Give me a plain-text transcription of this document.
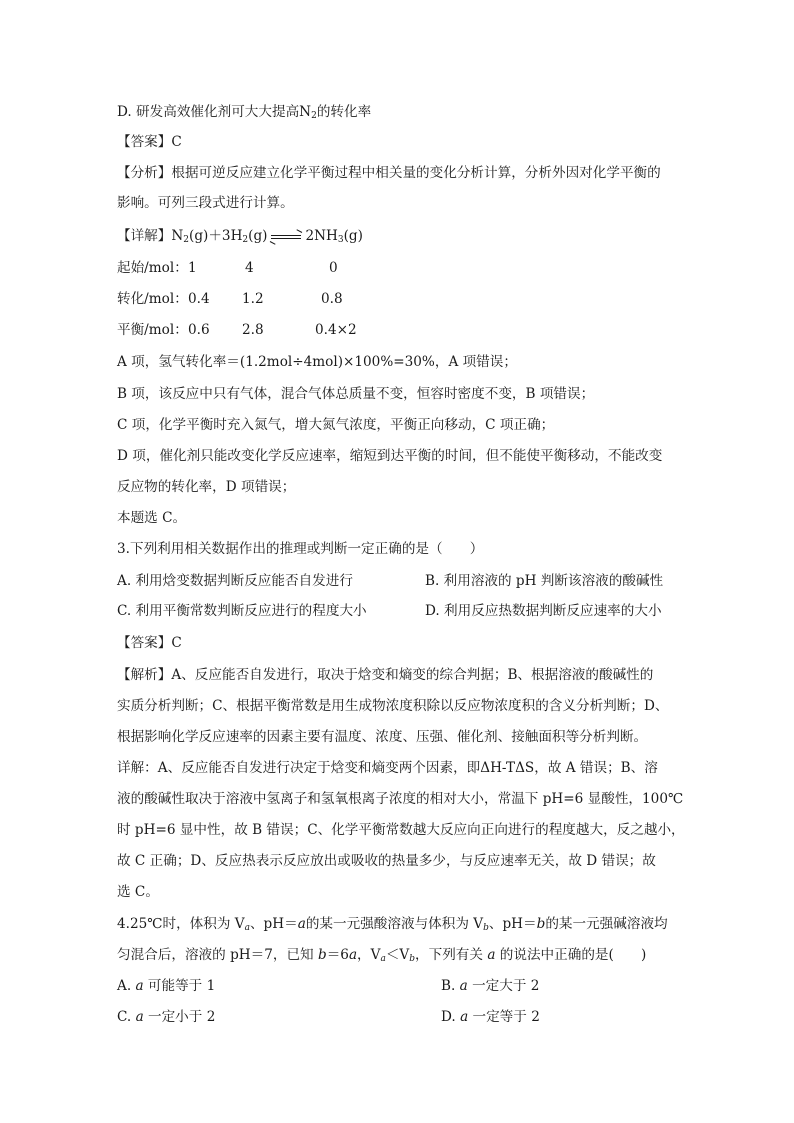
D. 研发高效催化剂可大大提高$N_2$的转化率
【答案】C
【分析】根据可逆反应建立化学平衡过程中相关量的变化分析计算，分析外因对化学平衡的
影响。可列三段式进行计算。
【详解】$N_2(g)+3H_2(g)$	$2NH_3(g)$
起始/mol： 1	4	0
转化/mol： 0.4 1.2	0.8
平衡/mol： 0.6 2.8	0.4×2
A 项，氢气转化率＝(1.2mol÷4mol)×100%=30%，A 项错误；
B 项，该反应中只有气体，混合气体总质量不变，恒容时密度不变，B 项错误；
C 项，化学平衡时充入氮气，增大氮气浓度，平衡正向移动，C 项正确；
D 项，催化剂只能改变化学反应速率，缩短到达平衡的时间，但不能使平衡移动，不能改变
反应物的转化率，D 项错误；
本题选 C。
3.下列利用相关数据作出的推理或判断一定正确的是（　　）
A. 利用焓变数据判断反应能否自发进行	B. 利用溶液的 pH 判断该溶液的酸碱性
C. 利用平衡常数判断反应进行的程度大小	D. 利用反应热数据判断反应速率的大小
【答案】C
【解析】A、反应能否自发进行，取决于焓变和熵变的综合判据；B、根据溶液的酸碱性的
实质分析判断；C、根据平衡常数是用生成物浓度积除以反应物浓度积的含义分析判断；D、
根据影响化学反应速率的因素主要有温度、浓度、压强、催化剂、接触面积等分析判断。
详解：A、反应能否自发进行决定于焓变和熵变两个因素，即ΔH-TΔS，故 A 错误；B、溶
液的酸碱性取决于溶液中氢离子和氢氧根离子浓度的相对大小，常温下 pH=6 显酸性，100℃
时 pH=6 显中性，故 B 错误；C、化学平衡常数越大反应向正向进行的程度越大，反之越小，
故 C 正确；D、反应热表示反应放出或吸收的热量多少，与反应速率无关，故 D 错误；故
选 C。
4.25℃时，体积为 $V_a$、pH＝a的某一元强酸溶液与体积为 $V_b$、pH＝b的某一元强碱溶液均
匀混合后，溶液的 pH＝7，已知 b＝6a，$V_a<V_b$，下列有关 a 的说法中正确的是(　　)
A. a 可能等于 1	B. a 一定大于 2
C. a 一定小于 2	D. a 一定等于 2
